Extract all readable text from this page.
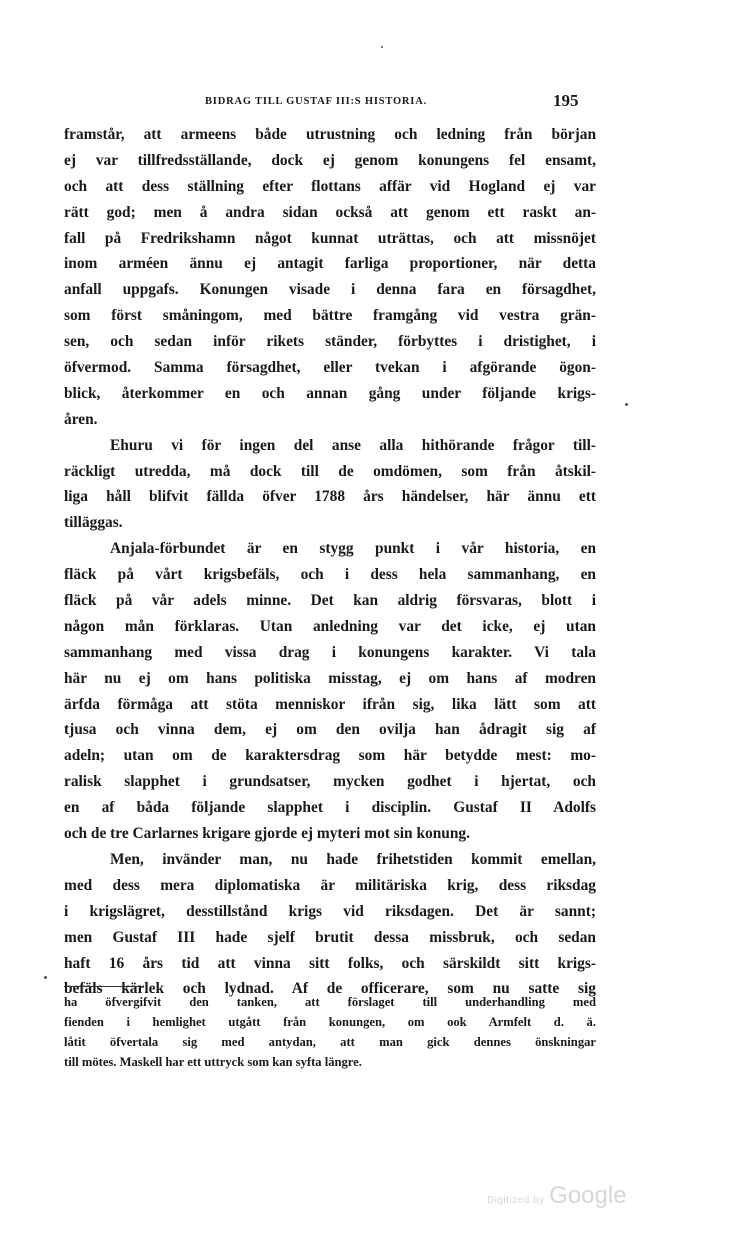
BIDRAG TILL GUSTAF III:S HISTORIA.	195
framstår, att armeens både utrustning och ledning från början
ej var tillfredsställande, dock ej genom konungens fel ensamt,
och att dess ställning efter flottans affär vid Hogland ej var
rätt god; men å andra sidan också att genom ett raskt an-
fall på Fredrikshamn något kunnat uträttas, och att missnöjet
inom arméen ännu ej antagit farliga proportioner, när detta
anfall uppgafs. Konungen visade i denna fara en försagdhet,
som först småningom, med bättre framgång vid vestra grän-
sen, och sedan inför rikets ständer, förbyttes i dristighet, i
öfvermod. Samma försagdhet, eller tvekan i afgörande ögon-
blick, återkommer en och annan gång under följande krigs-
åren.
Ehuru vi för ingen del anse alla hithörande frågor till-
räckligt utredda, må dock till de omdömen, som från åtskil-
liga håll blifvit fällda öfver 1788 års händelser, här ännu ett
tilläggas.
Anjala-förbundet är en stygg punkt i vår historia, en
fläck på vårt krigsbefäls, och i dess hela sammanhang, en
fläck på vår adels minne. Det kan aldrig försvaras, blott i
någon mån förklaras. Utan anledning var det icke, ej utan
sammanhang med vissa drag i konungens karakter. Vi tala
här nu ej om hans politiska misstag, ej om hans af modren
ärfda förmåga att stöta menniskor ifrån sig, lika lätt som att
tjusa och vinna dem, ej om den ovilja han ådragit sig af
adeln; utan om de karaktersdrag som här betydde mest: mo-
ralisk slapphet i grundsatser, mycken godhet i hjertat, och
en af båda följande slapphet i disciplin. Gustaf II Adolfs
och de tre Carlarnes krigare gjorde ej myteri mot sin konung.
Men, invänder man, nu hade frihetstiden kommit emellan,
med dess mera diplomatiska är militäriska krig, dess riksdag
i krigslägret, desstillstånd krigs vid riksdagen. Det är sannt;
men Gustaf III hade sjelf brutit dessa missbruk, och sedan
haft 16 års tid att vinna sitt folks, och särskildt sitt krigs-
befäls kärlek och lydnad. Af de officerare, som nu satte sig
ha öfvergifvit den tanken, att förslaget till underhandling med
fienden i hemlighet utgått från konungen, om ook Armfelt d. ä.
låtit öfvertala sig med antydan, att man gick dennes önskningar
till mötes. Maskell har ett uttryck som kan syfta längre.
Digitized by Google
